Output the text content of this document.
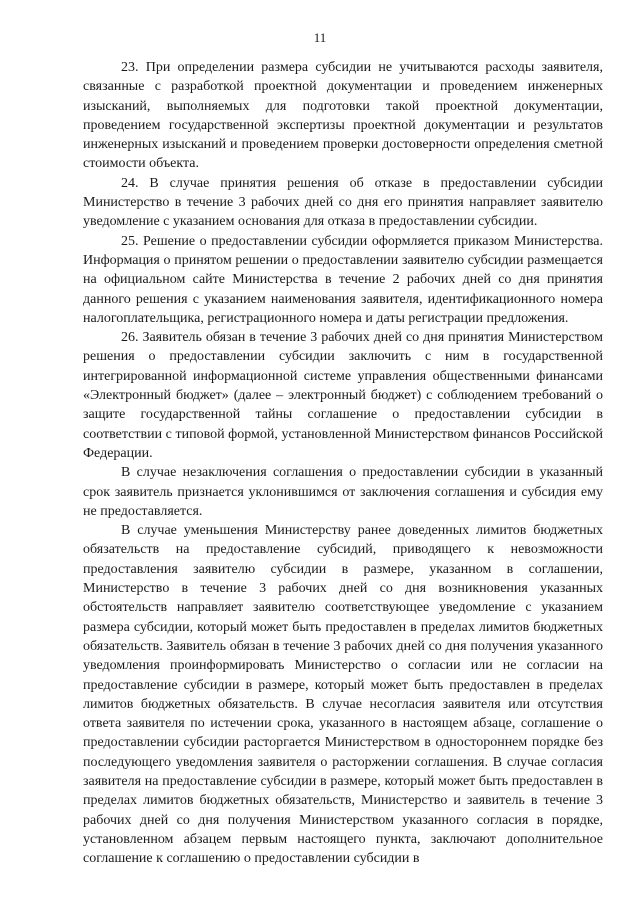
11

23. При определении размера субсидии не учитываются расходы заявителя, связанные с разработкой проектной документации и проведением инженерных изысканий, выполняемых для подготовки такой проектной документации, проведением государственной экспертизы проектной документации и результатов инженерных изысканий и проведением проверки достоверности определения сметной стоимости объекта.

24. В случае принятия решения об отказе в предоставлении субсидии Министерство в течение 3 рабочих дней со дня его принятия направляет заявителю уведомление с указанием основания для отказа в предоставлении субсидии.

25. Решение о предоставлении субсидии оформляется приказом Министерства. Информация о принятом решении о предоставлении заявителю субсидии размещается на официальном сайте Министерства в течение 2 рабочих дней со дня принятия данного решения с указанием наименования заявителя, идентификационного номера налогоплательщика, регистрационного номера и даты регистрации предложения.

26. Заявитель обязан в течение 3 рабочих дней со дня принятия Министерством решения о предоставлении субсидии заключить с ним в государственной интегрированной информационной системе управления общественными финансами «Электронный бюджет» (далее – электронный бюджет) с соблюдением требований о защите государственной тайны соглашение о предоставлении субсидии в соответствии с типовой формой, установленной Министерством финансов Российской Федерации.

В случае незаключения соглашения о предоставлении субсидии в указанный срок заявитель признается уклонившимся от заключения соглашения и субсидия ему не предоставляется.

В случае уменьшения Министерству ранее доведенных лимитов бюджетных обязательств на предоставление субсидий, приводящего к невозможности предоставления заявителю субсидии в размере, указанном в соглашении, Министерство в течение 3 рабочих дней со дня возникновения указанных обстоятельств направляет заявителю соответствующее уведомление с указанием размера субсидии, который может быть предоставлен в пределах лимитов бюджетных обязательств. Заявитель обязан в течение 3 рабочих дней со дня получения указанного уведомления проинформировать Министерство о согласии или не согласии на предоставление субсидии в размере, который может быть предоставлен в пределах лимитов бюджетных обязательств. В случае несогласия заявителя или отсутствия ответа заявителя по истечении срока, указанного в настоящем абзаце, соглашение о предоставлении субсидии расторгается Министерством в одностороннем порядке без последующего уведомления заявителя о расторжении соглашения. В случае согласия заявителя на предоставление субсидии в размере, который может быть предоставлен в пределах лимитов бюджетных обязательств, Министерство и заявитель в течение 3 рабочих дней со дня получения Министерством указанного согласия в порядке, установленном абзацем первым настоящего пункта, заключают дополнительное соглашение к соглашению о предоставлении субсидии в
